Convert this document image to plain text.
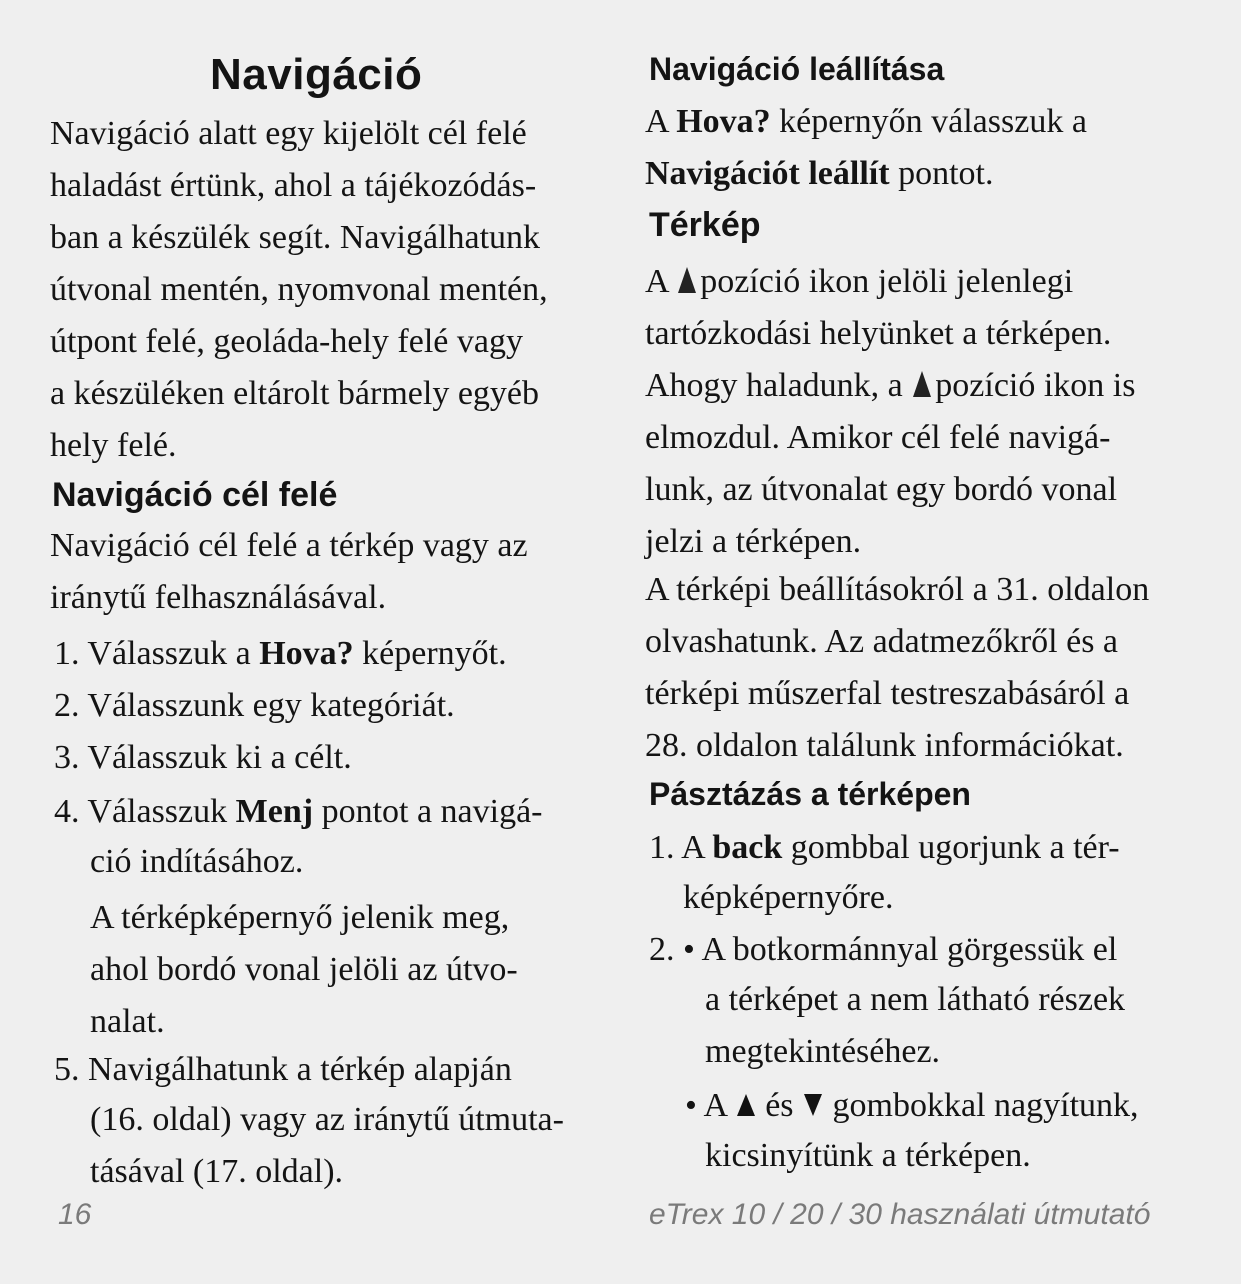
Navigáció
Navigáció alatt egy kijelölt cél felé
haladást értünk, ahol a tájékozódás-
ban a készülék segít. Navigálhatunk
útvonal mentén, nyomvonal mentén,
útpont felé, geoláda-hely felé vagy
a készüléken eltárolt bármely egyéb
hely felé.
Navigáció cél felé
Navigáció cél felé a térkép vagy az
iránytű felhasználásával.
1. Válasszuk a Hova? képernyőt.
2. Válasszunk egy kategóriát.
3. Válasszuk ki a célt.
4. Válasszuk Menj pontot a navigá-
ció indításához.
A térképképernyő jelenik meg,
ahol bordó vonal jelöli az útvo-
nalat.
5. Navigálhatunk a térkép alapján
(16. oldal) vagy az iránytű útmuta-
tásával (17. oldal).
16
Navigáció leállítása
A Hova? képernyőn válasszuk a
Navigációt leállít pontot.
Térkép
A pozíció ikon jelöli jelenlegi
tartózkodási helyünket a térképen.
Ahogy haladunk, a pozíció ikon is
elmozdul. Amikor cél felé navigá-
lunk, az útvonalat egy bordó vonal
jelzi a térképen.
A térképi beállításokról a 31. oldalon
olvashatunk. Az adatmezőkről és a
térképi műszerfal testreszabásáról a
28. oldalon találunk információkat.
Pásztázás a térképen
1. A back gombbal ugorjunk a tér-
képképernyőre.
2. • A botkormánnyal görgessük el
a térképet a nem látható részek
megtekintéséhez.
• A  és  gombokkal nagyítunk,
kicsinyítünk a térképen.
eTrex 10 / 20 / 30 használati útmutató
